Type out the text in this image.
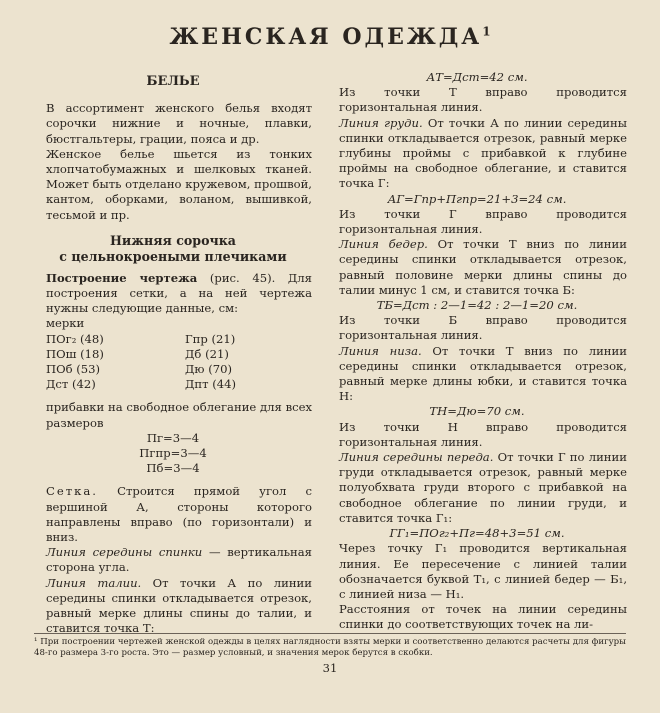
ЖЕНСКАЯ ОДЕЖДА$^1$
БЕЛЬЕ

В ассортимент женского белья входят сорочки нижние и ночные, плавки, бюстгальтеры, грации, пояса и др.

Женское белье шьется из тонких хлопчатобумажных и шелковых тканей. Может быть отделано кружевом, прошвой, кантом, оборками, воланом, вышивкой, тесьмой и пр.

Нижняя сорочка
с цельнокроеными плечиками

Построение чертежа (рис. 45). Для построения сетки, а на ней чертежа нужны следующие данные, см:

мерки

ПОг₂ (48)
ПОш (18)
ПОб (53)
Дст (42)
Гпр (21)
Дб (21)
Дю (70)
Дпт (44)

прибавки на свободное облегание для всех размеров

Пг=3—4

Пгпр=3—4

Пб=3—4

Сетка. Строится прямой угол с вершиной А, стороны которого направлены вправо (по горизонтали) и вниз.

Линия середины спинки — вертикальная сторона угла.

Линия талии. От точки А по линии середины спинки откладывается отрезок, равный мерке длины спины до талии, и ставится точка Т:

АТ=Дст=42 см.

Из точки Т вправо проводится горизонтальная линия.

Линия груди. От точки А по линии середины спинки откладывается отрезок, равный мерке глубины проймы с прибавкой к глубине проймы на свободное облегание, и ставится точка Г:

АГ=Гпр+Пгпр=21+3=24 см.

Из точки Г вправо проводится горизонтальная линия.

Линия бедер. От точки Т вниз по линии середины спинки откладывается отрезок, равный половине мерки длины спины до талии минус 1 см, и ставится точка Б:

ТБ=Дст : 2—1=42 : 2—1=20 см.

Из точки Б вправо проводится горизонтальная линия.

Линия низа. От точки Т вниз по линии середины спинки откладывается отрезок, равный мерке длины юбки, и ставится точка Н:

ТН=Дю=70 см.

Из точки Н вправо проводится горизонтальная линия.

Линия середины переда. От точки Г по линии груди откладывается отрезок, равный мерке полуобхвата груди второго с прибавкой на свободное облегание по линии груди, и ставится точка Г₁:

ГГ₁=ПОг₂+Пг=48+3=51 см.

Через точку Г₁ проводится вертикальная линия. Ее пересечение с линией талии обозначается буквой Т₁, с линией бедер — Б₁, с линией низа — Н₁.

Расстояния от точек на линии середины спинки до соответствующих точек на ли-

¹ При построении чертежей женской одежды в целях наглядности взяты мерки и соответственно делаются расчеты для фигуры 48-го размера 3-го роста. Это — размер условный, и значения мерок берутся в скобки.

31
